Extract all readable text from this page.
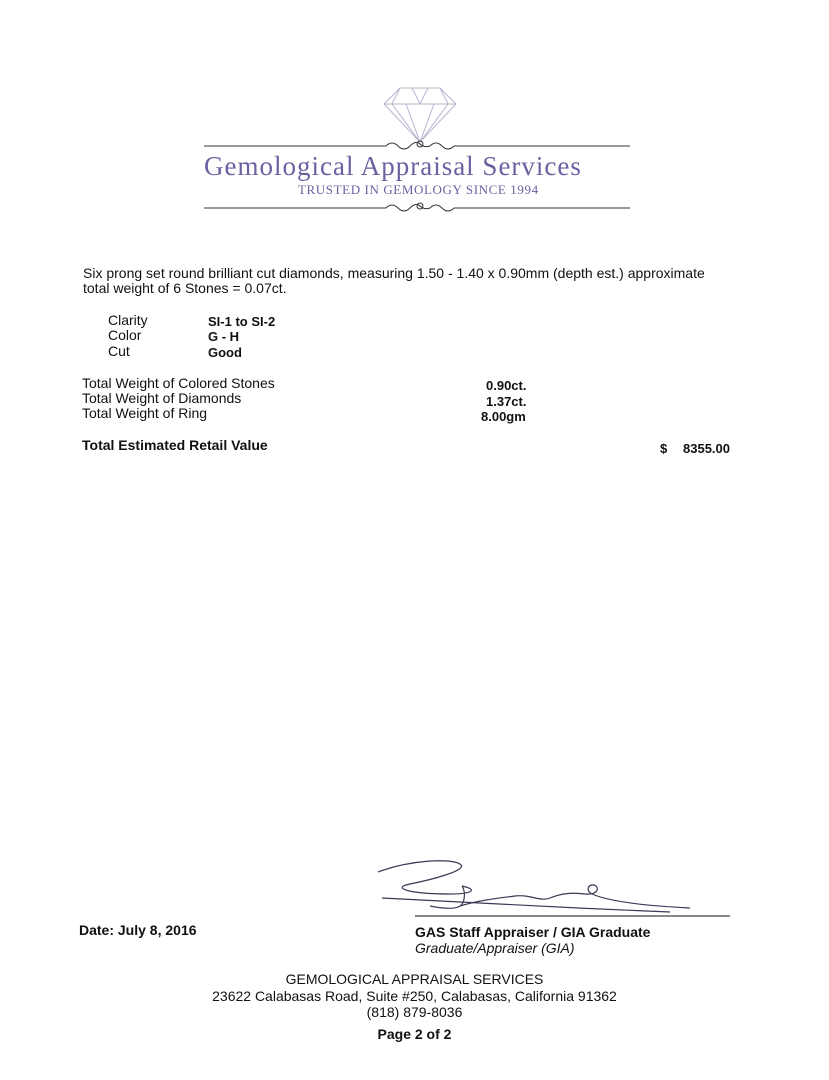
Gemological Appraisal Services
TRUSTED IN GEMOLOGY SINCE 1994
Six prong set round brilliant cut diamonds, measuring 1.50 - 1.40 x 0.90mm (depth est.) approximate total weight of 6 Stones = 0.07ct.
Clarity	SI-1 to SI-2
Color	G - H
Cut	Good
Total Weight of Colored Stones	0.90ct.
Total Weight of Diamonds	1.37ct.
Total Weight of Ring	8.00gm
Total Estimated Retail Value	$ 8355.00
Date: July 8, 2016	GAS Staff Appraiser / GIA Graduate
Graduate/Appraiser (GIA)
GEMOLOGICAL APPRAISAL SERVICES
23622 Calabasas Road, Suite #250, Calabasas, California 91362
(818) 879-8036
Page 2 of 2
